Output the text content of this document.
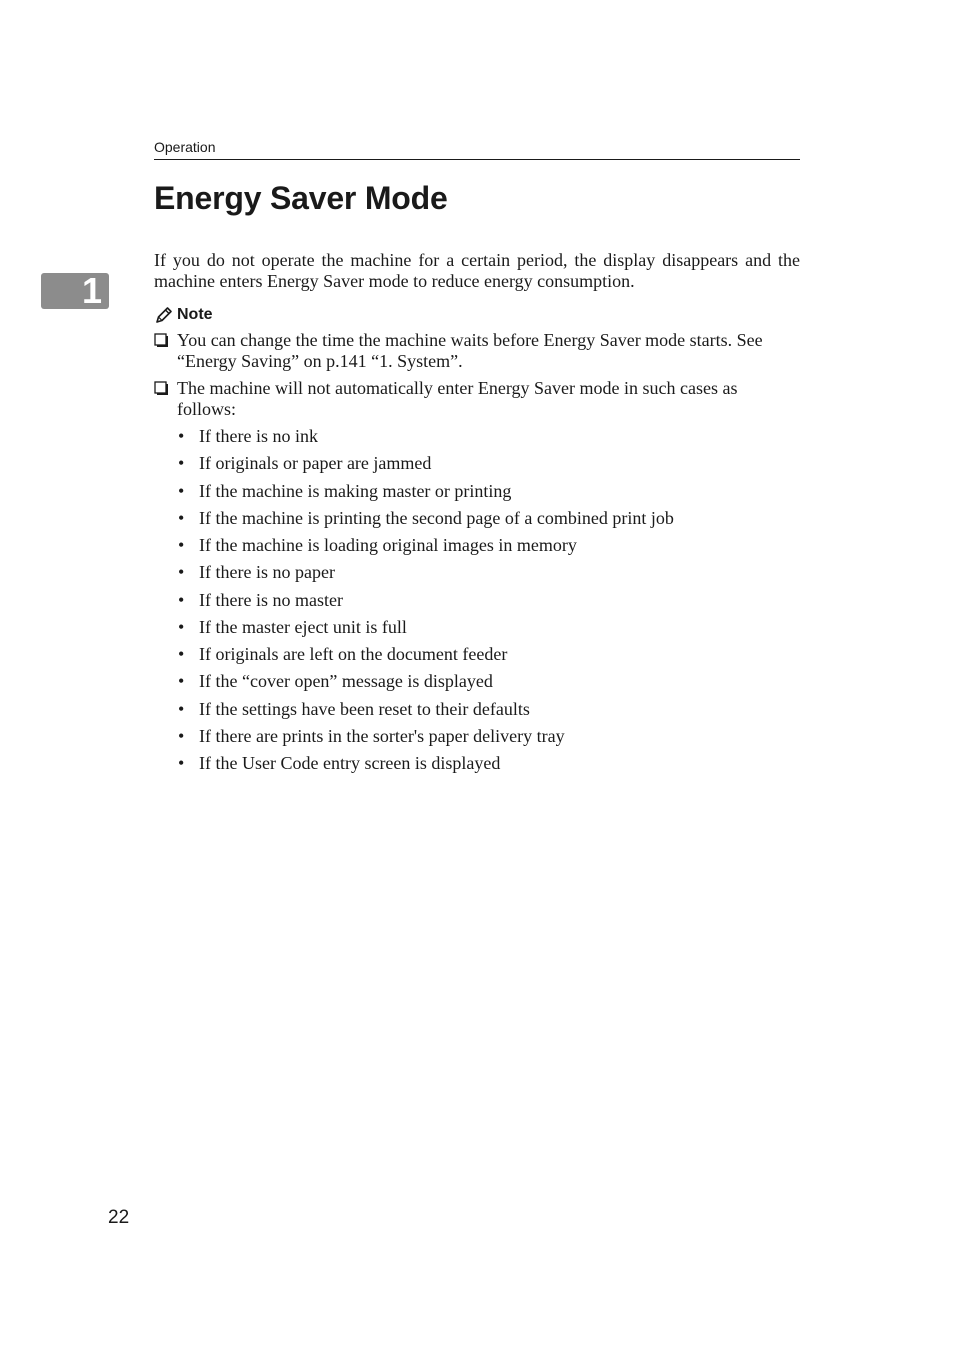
Operation
1
Energy Saver Mode

If you do not operate the machine for a certain period, the display disappears and the machine enters Energy Saver mode to reduce energy consumption.

Note
You can change the time the machine waits before Energy Saver mode starts. See “Energy Saving” on p.141 “1. System”.
The machine will not automatically enter Energy Saver mode in such cases as follows:
• If there is no ink
• If originals or paper are jammed
• If the machine is making master or printing
• If the machine is printing the second page of a combined print job
• If the machine is loading original images in memory
• If there is no paper
• If there is no master
• If the master eject unit is full
• If originals are left on the document feeder
• If the “cover open” message is displayed
• If the settings have been reset to their defaults
• If there are prints in the sorter's paper delivery tray
• If the User Code entry screen is displayed
22
